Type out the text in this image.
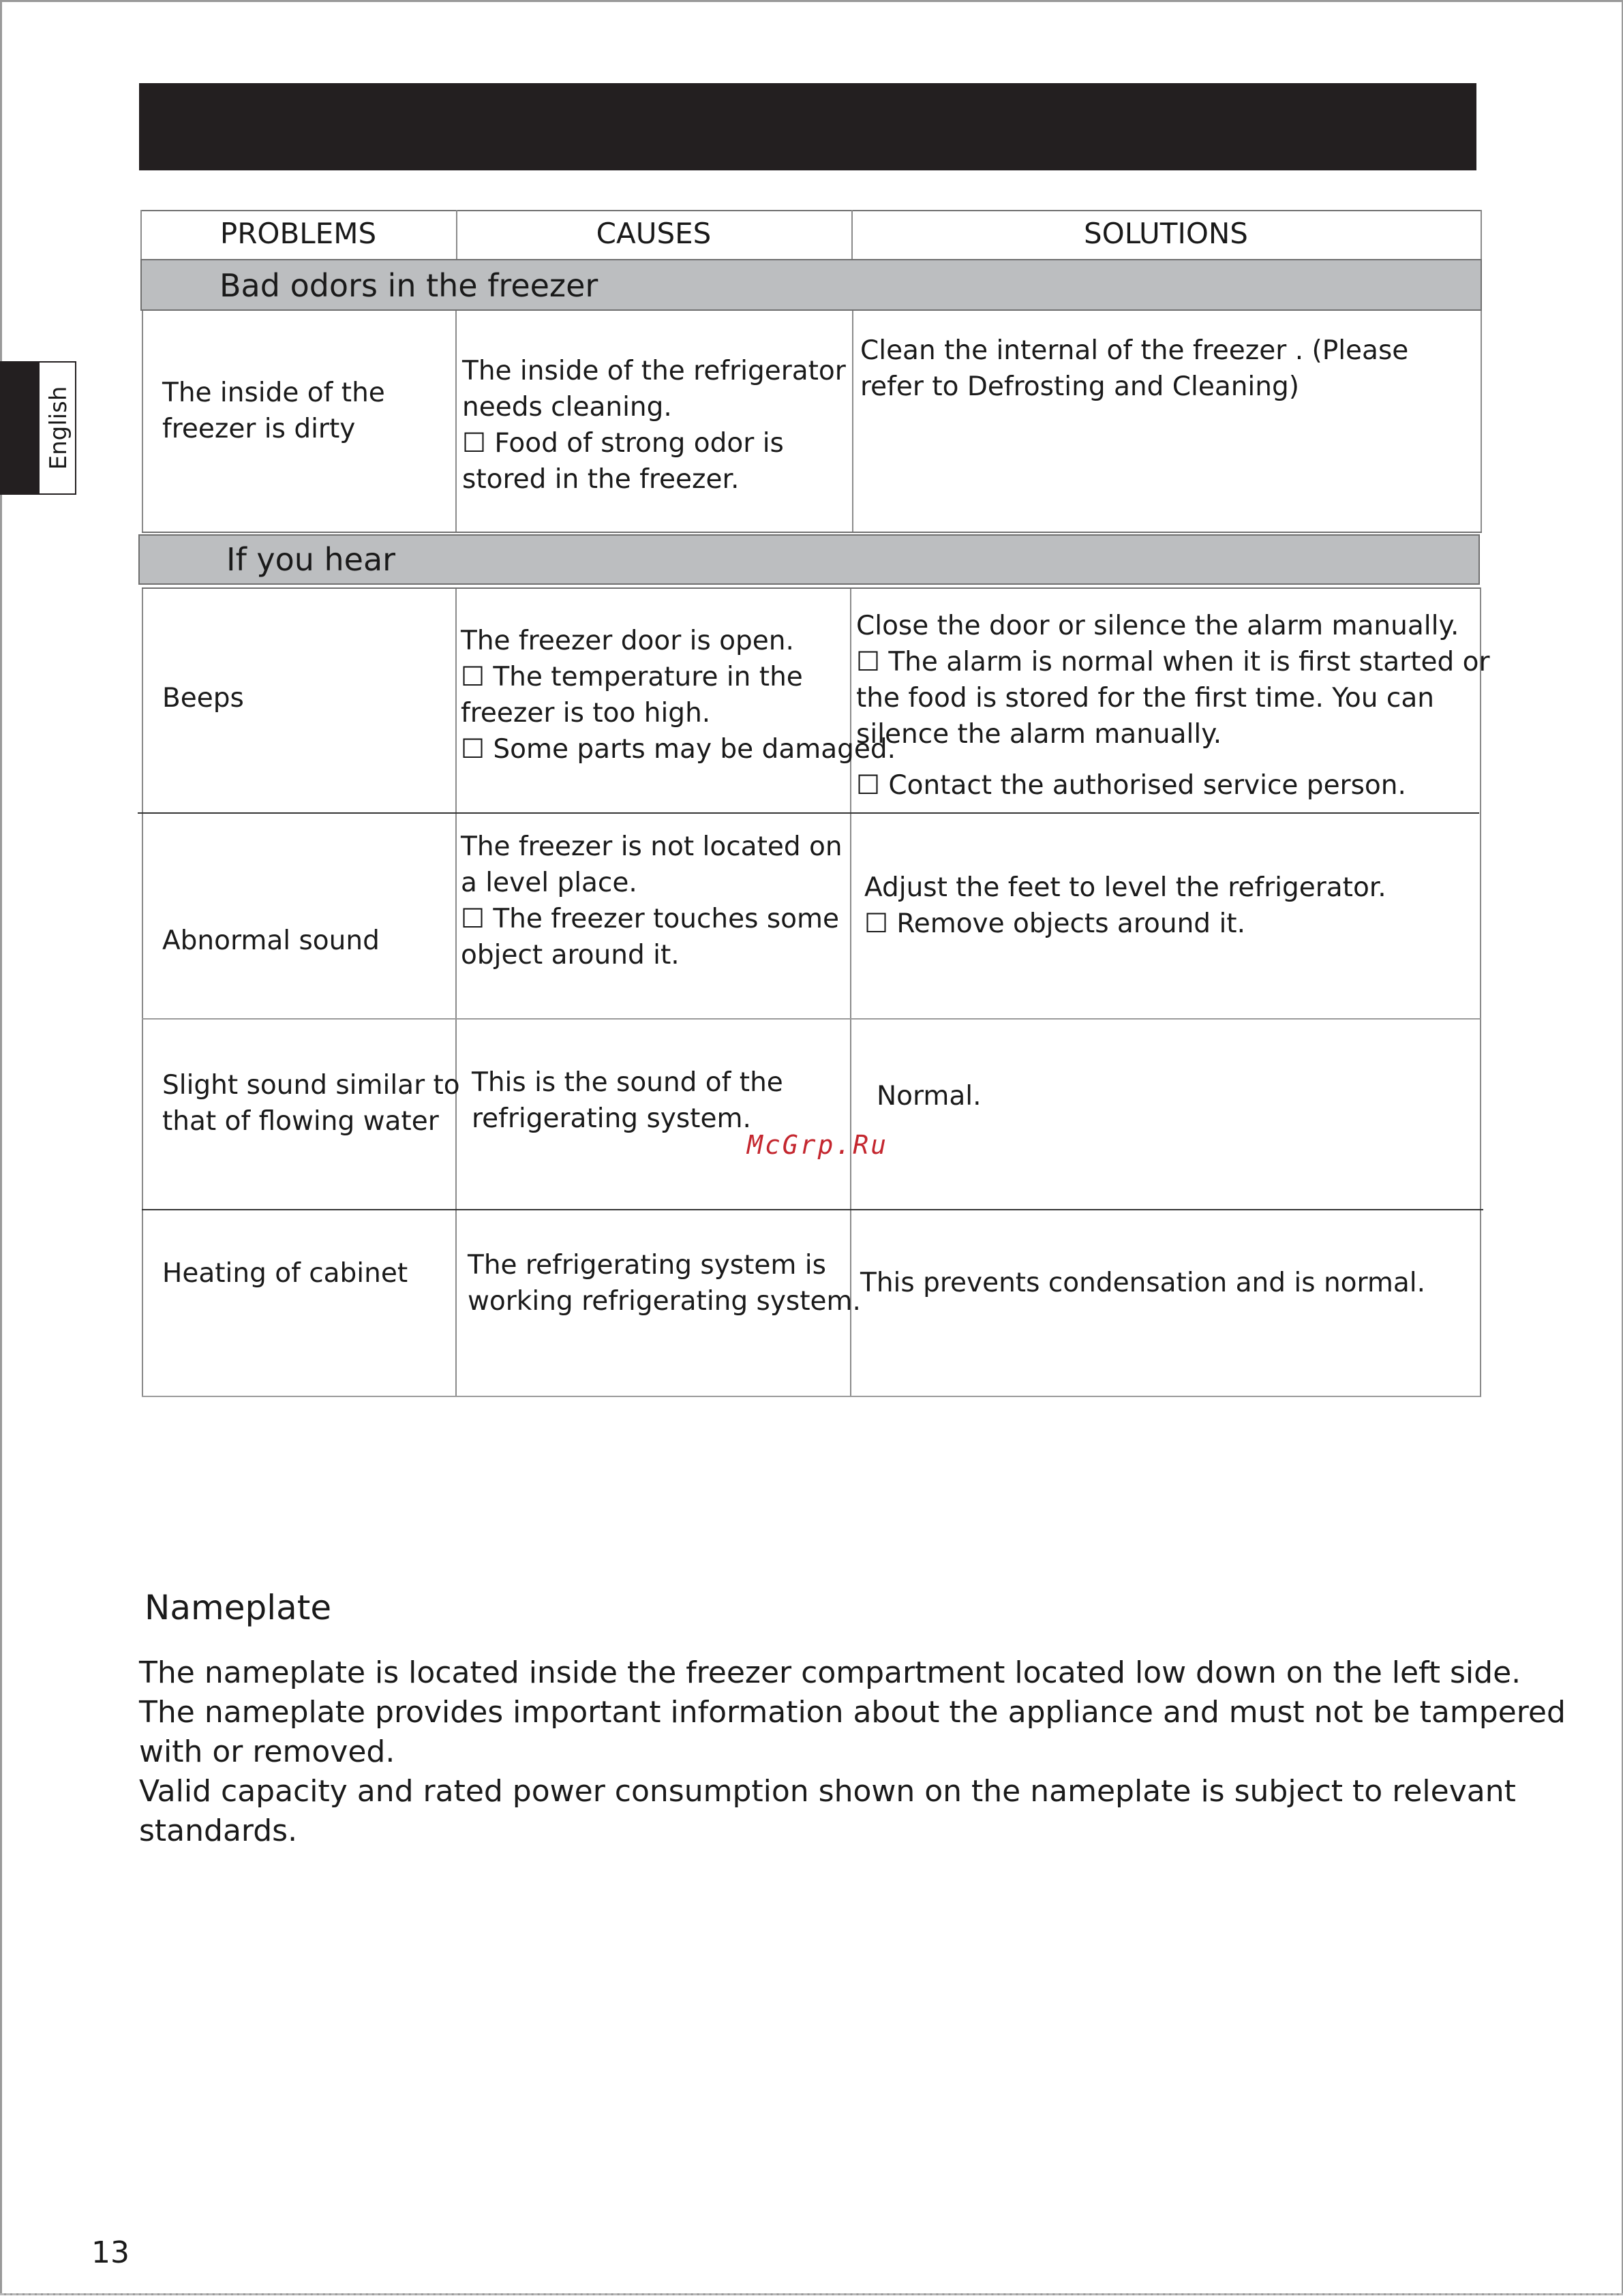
English
PROBLEMS	CAUSES	SOLUTIONS
Bad odors in the freezer

The inside of the

freezer is dirty

The inside of the refrigerator

needs cleaning.

☐ Food of strong odor is

stored in the freezer.

Clean the internal of the freezer . (Please

refer to Defrosting and Cleaning)

If you hear

Beeps

The freezer door is open.

☐ The temperature in the

freezer is too high.

☐ Some parts may be damaged.

Close the door or silence the alarm manually.

☐ The alarm is normal when it is first started or

the food is stored for the first time. You can

silence the alarm manually.

☐ Contact the authorised service person.

Abnormal sound

The freezer is not located on

a level place.

☐ The freezer touches some

object around it.

Adjust the feet to level the refrigerator.

☐ Remove objects around it.

Slight sound similar to

that of flowing water

This is the sound of the

refrigerating system.

Normal.

Heating of cabinet The refrigerating system is

working refrigerating system.

This prevents condensation and is normal.

McGrp.Ru
Nameplate

The nameplate is located inside the freezer compartment located low down on the left side.

The nameplate provides important information about the appliance and must not be tampered

with or removed.

Valid capacity and rated power consumption shown on the nameplate is subject to relevant

standards.

13
